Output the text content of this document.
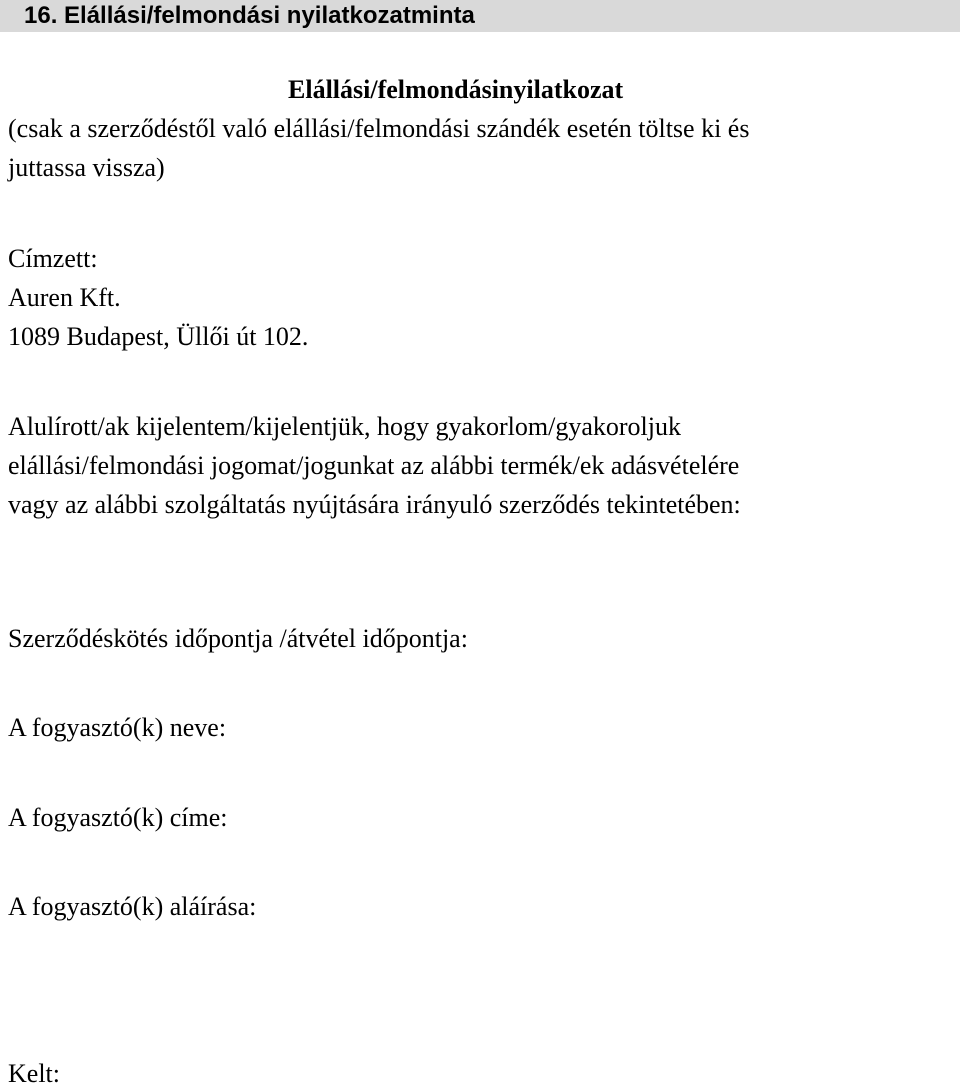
16. Elállási/felmondási nyilatkozatminta
Elállási/felmondásinyilatkozat
(csak a szerződéstől való elállási/felmondási szándék esetén töltse ki és
juttassa vissza)
Címzett:
Auren Kft.
1089 Budapest, Üllői út 102.
Alulírott/ak kijelentem/kijelentjük, hogy gyakorlom/gyakoroljuk
elállási/felmondási jogomat/jogunkat az alábbi termék/ek adásvételére
vagy az alábbi szolgáltatás nyújtására irányuló szerződés tekintetében:
Szerződéskötés időpontja /átvétel időpontja:
A fogyasztó(k) neve:
A fogyasztó(k) címe:
A fogyasztó(k) aláírása:
Kelt:
